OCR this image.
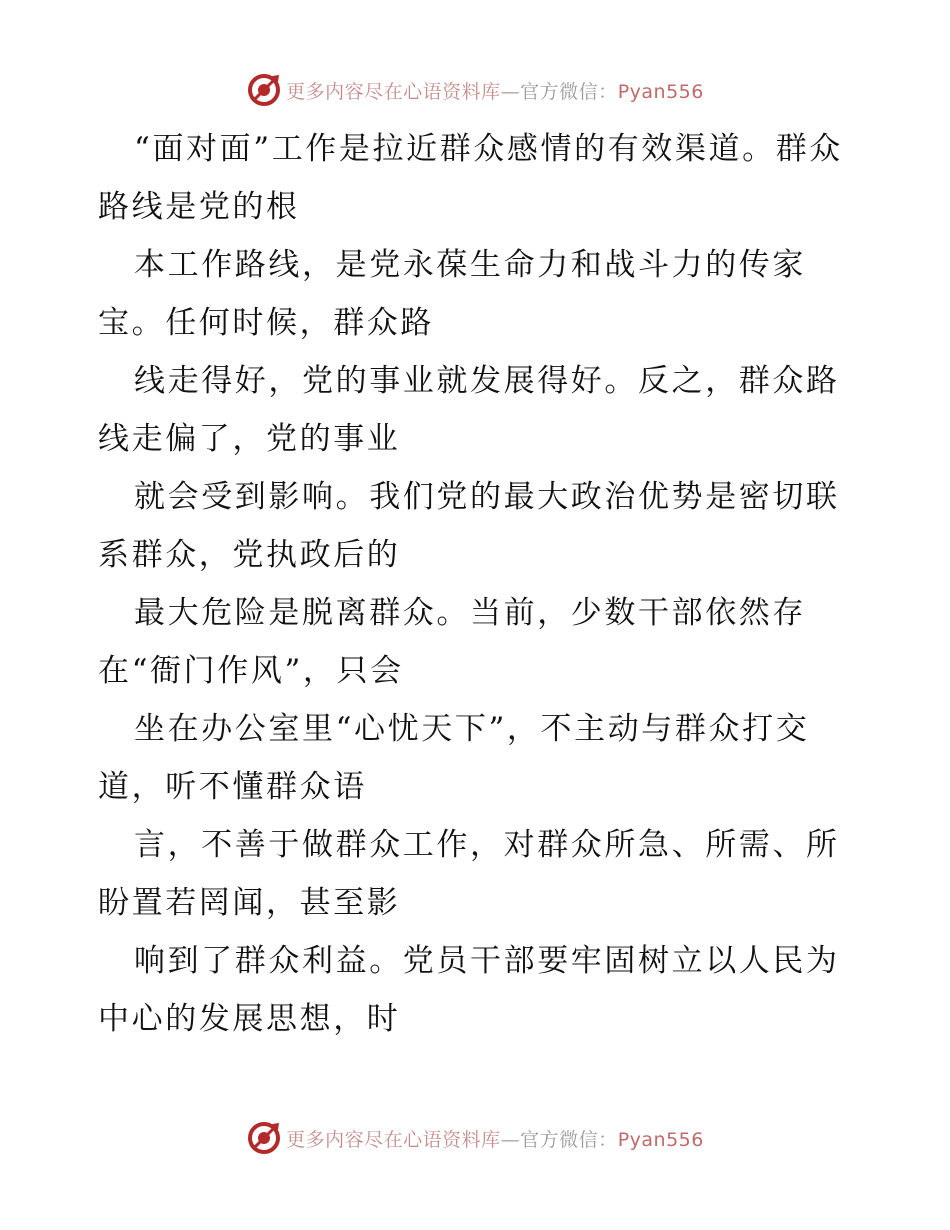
更多内容尽在心语资料库—官方微信：Pyan556

“面对面”工作是拉近群众感情的有效渠道。群众路线是党的根

本工作路线，是党永葆生命力和战斗力的传家宝。任何时候，群众路

线走得好，党的事业就发展得好。反之，群众路线走偏了，党的事业

就会受到影响。我们党的最大政治优势是密切联系群众，党执政后的

最大危险是脱离群众。当前，少数干部依然存在“衙门作风”，只会

坐在办公室里“心忧天下”，不主动与群众打交道，听不懂群众语

言，不善于做群众工作，对群众所急、所需、所盼置若罔闻，甚至影

响到了群众利益。党员干部要牢固树立以人民为中心的发展思想，时

更多内容尽在心语资料库—官方微信：Pyan556
